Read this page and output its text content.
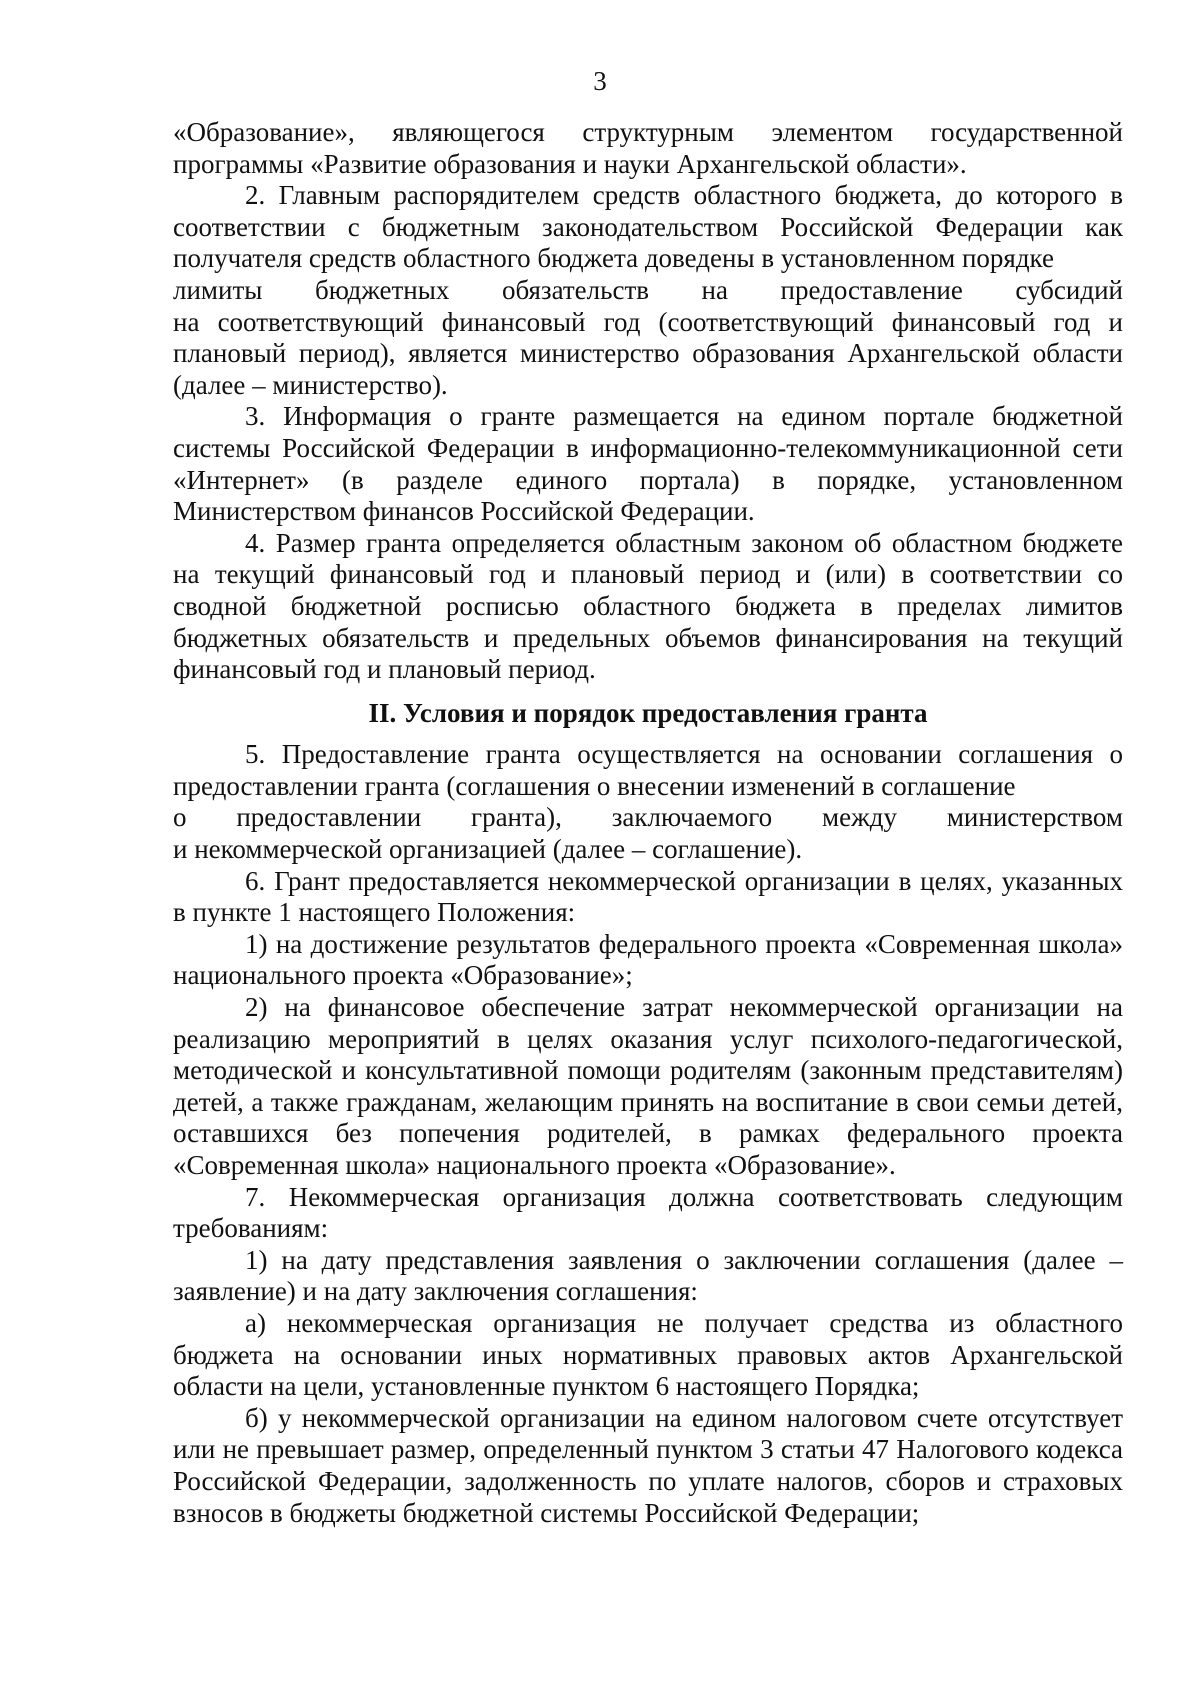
3

«Образование», являющегося структурным элементом государственной программы «Развитие образования и науки Архангельской области».

2. Главным распорядителем средств областного бюджета, до которого в соответствии с бюджетным законодательством Российской Федерации как получателя средств областного бюджета доведены в установленном порядке

лимиты бюджетных обязательств на предоставление субсидий

на соответствующий финансовый год (соответствующий финансовый год и плановый период), является министерство образования Архангельской области (далее – министерство).

3. Информация о гранте размещается на едином портале бюджетной системы Российской Федерации в информационно-телекоммуникационной сети «Интернет» (в разделе единого портала) в порядке, установленном Министерством финансов Российской Федерации.

4. Размер гранта определяется областным законом об областном бюджете на текущий финансовый год и плановый период и (или) в соответствии со сводной бюджетной росписью областного бюджета в пределах лимитов бюджетных обязательств и предельных объемов финансирования на текущий финансовый год и плановый период.

II. Условия и порядок предоставления гранта

5. Предоставление гранта осуществляется на основании соглашения о предоставлении гранта (соглашения о внесении изменений в соглашение

о предоставлении гранта), заключаемого между министерством

и некоммерческой организацией (далее – соглашение).

6. Грант предоставляется некоммерческой организации в целях, указанных в пункте 1 настоящего Положения:

1) на достижение результатов федерального проекта «Современная школа» национального проекта «Образование»;

2) на финансовое обеспечение затрат некоммерческой организации на реализацию мероприятий в целях оказания услуг психолого-педагогической, методической и консультативной помощи родителям (законным представителям) детей, а также гражданам, желающим принять на воспитание в свои семьи детей, оставшихся без попечения родителей, в рамках федерального проекта «Современная школа» национального проекта «Образование».

7. Некоммерческая организация должна соответствовать следующим требованиям:

1) на дату представления заявления о заключении соглашения (далее – заявление) и на дату заключения соглашения:

а) некоммерческая организация не получает средства из областного бюджета на основании иных нормативных правовых актов Архангельской области на цели, установленные пунктом 6 настоящего Порядка;

б) у некоммерческой организации на едином налоговом счете отсутствует или не превышает размер, определенный пунктом 3 статьи 47 Налогового кодекса Российской Федерации, задолженность по уплате налогов, сборов и страховых взносов в бюджеты бюджетной системы Российской Федерации;
